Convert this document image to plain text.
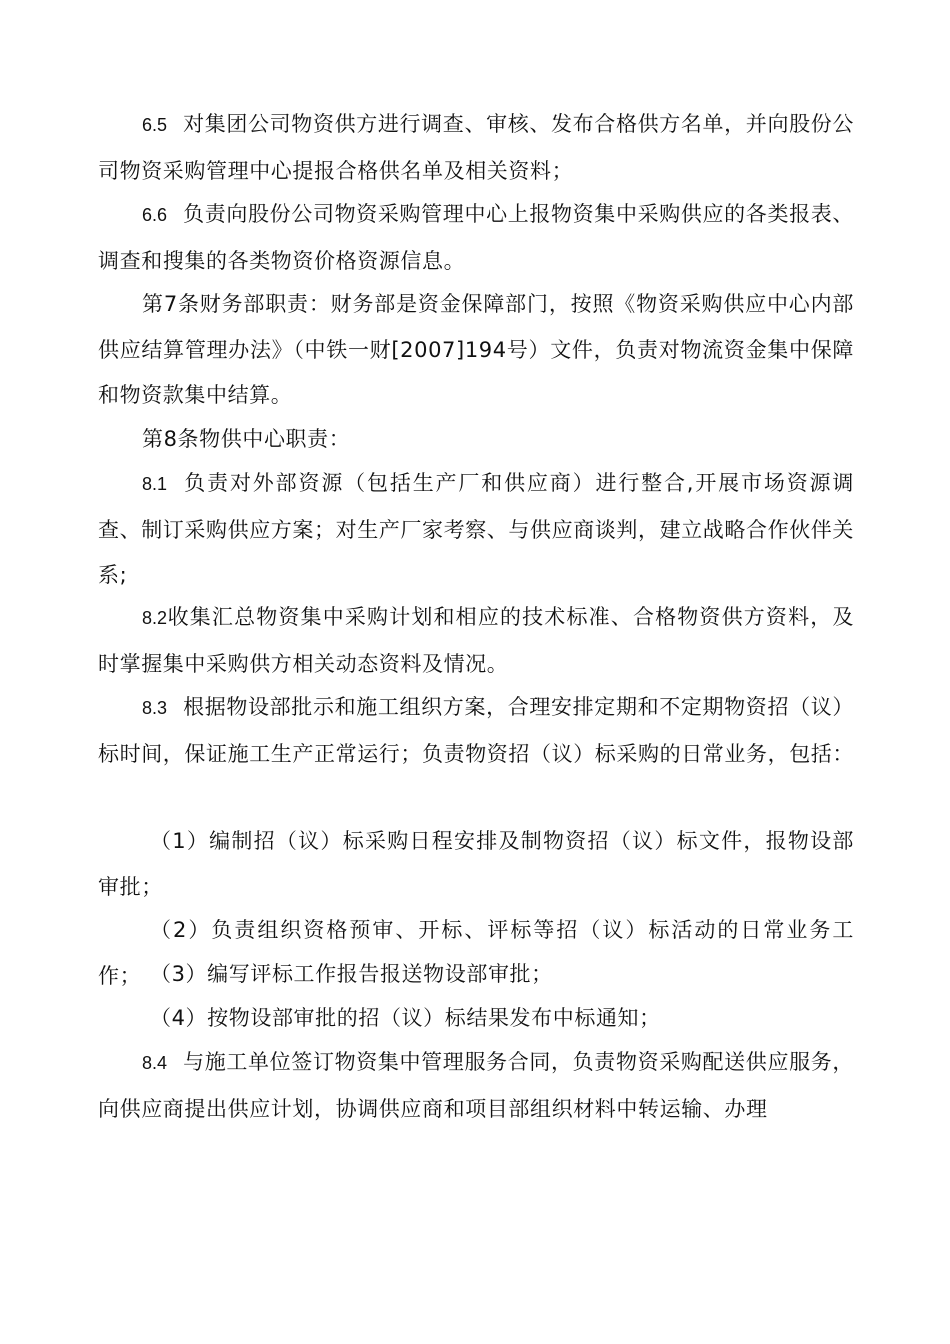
6.5 对集团公司物资供方进行调查、审核、发布合格供方名单，并向股份公司物资采购管理中心提报合格供名单及相关资料；

6.6 负责向股份公司物资采购管理中心上报物资集中采购供应的各类报表、调查和搜集的各类物资价格资源信息。

第7条财务部职责：财务部是资金保障部门，按照《物资采购供应中心内部供应结算管理办法》（中铁一财[2007]194号）文件，负责对物流资金集中保障和物资款集中结算。

第8条物供中心职责：

8.1 负责对外部资源（包括生产厂和供应商）进行整合,开展市场资源调查、制订采购供应方案；对生产厂家考察、与供应商谈判，建立战略合作伙伴关系;

8.2收集汇总物资集中采购计划和相应的技术标准、合格物资供方资料，及时掌握集中采购供方相关动态资料及情况。

8.3 根据物设部批示和施工组织方案，合理安排定期和不定期物资招（议）标时间，保证施工生产正常运行；负责物资招（议）标采购的日常业务，包括：

（1）编制招（议）标采购日程安排及制物资招（议）标文件，报物设部审批；

（2）负责组织资格预审、开标、评标等招（议）标活动的日常业务工作； （3）编写评标工作报告报送物设部审批；

（4）按物设部审批的招（议）标结果发布中标通知；

8.4 与施工单位签订物资集中管理服务合同，负责物资采购配送供应服务，向供应商提出供应计划，协调供应商和项目部组织材料中转运输、办理
